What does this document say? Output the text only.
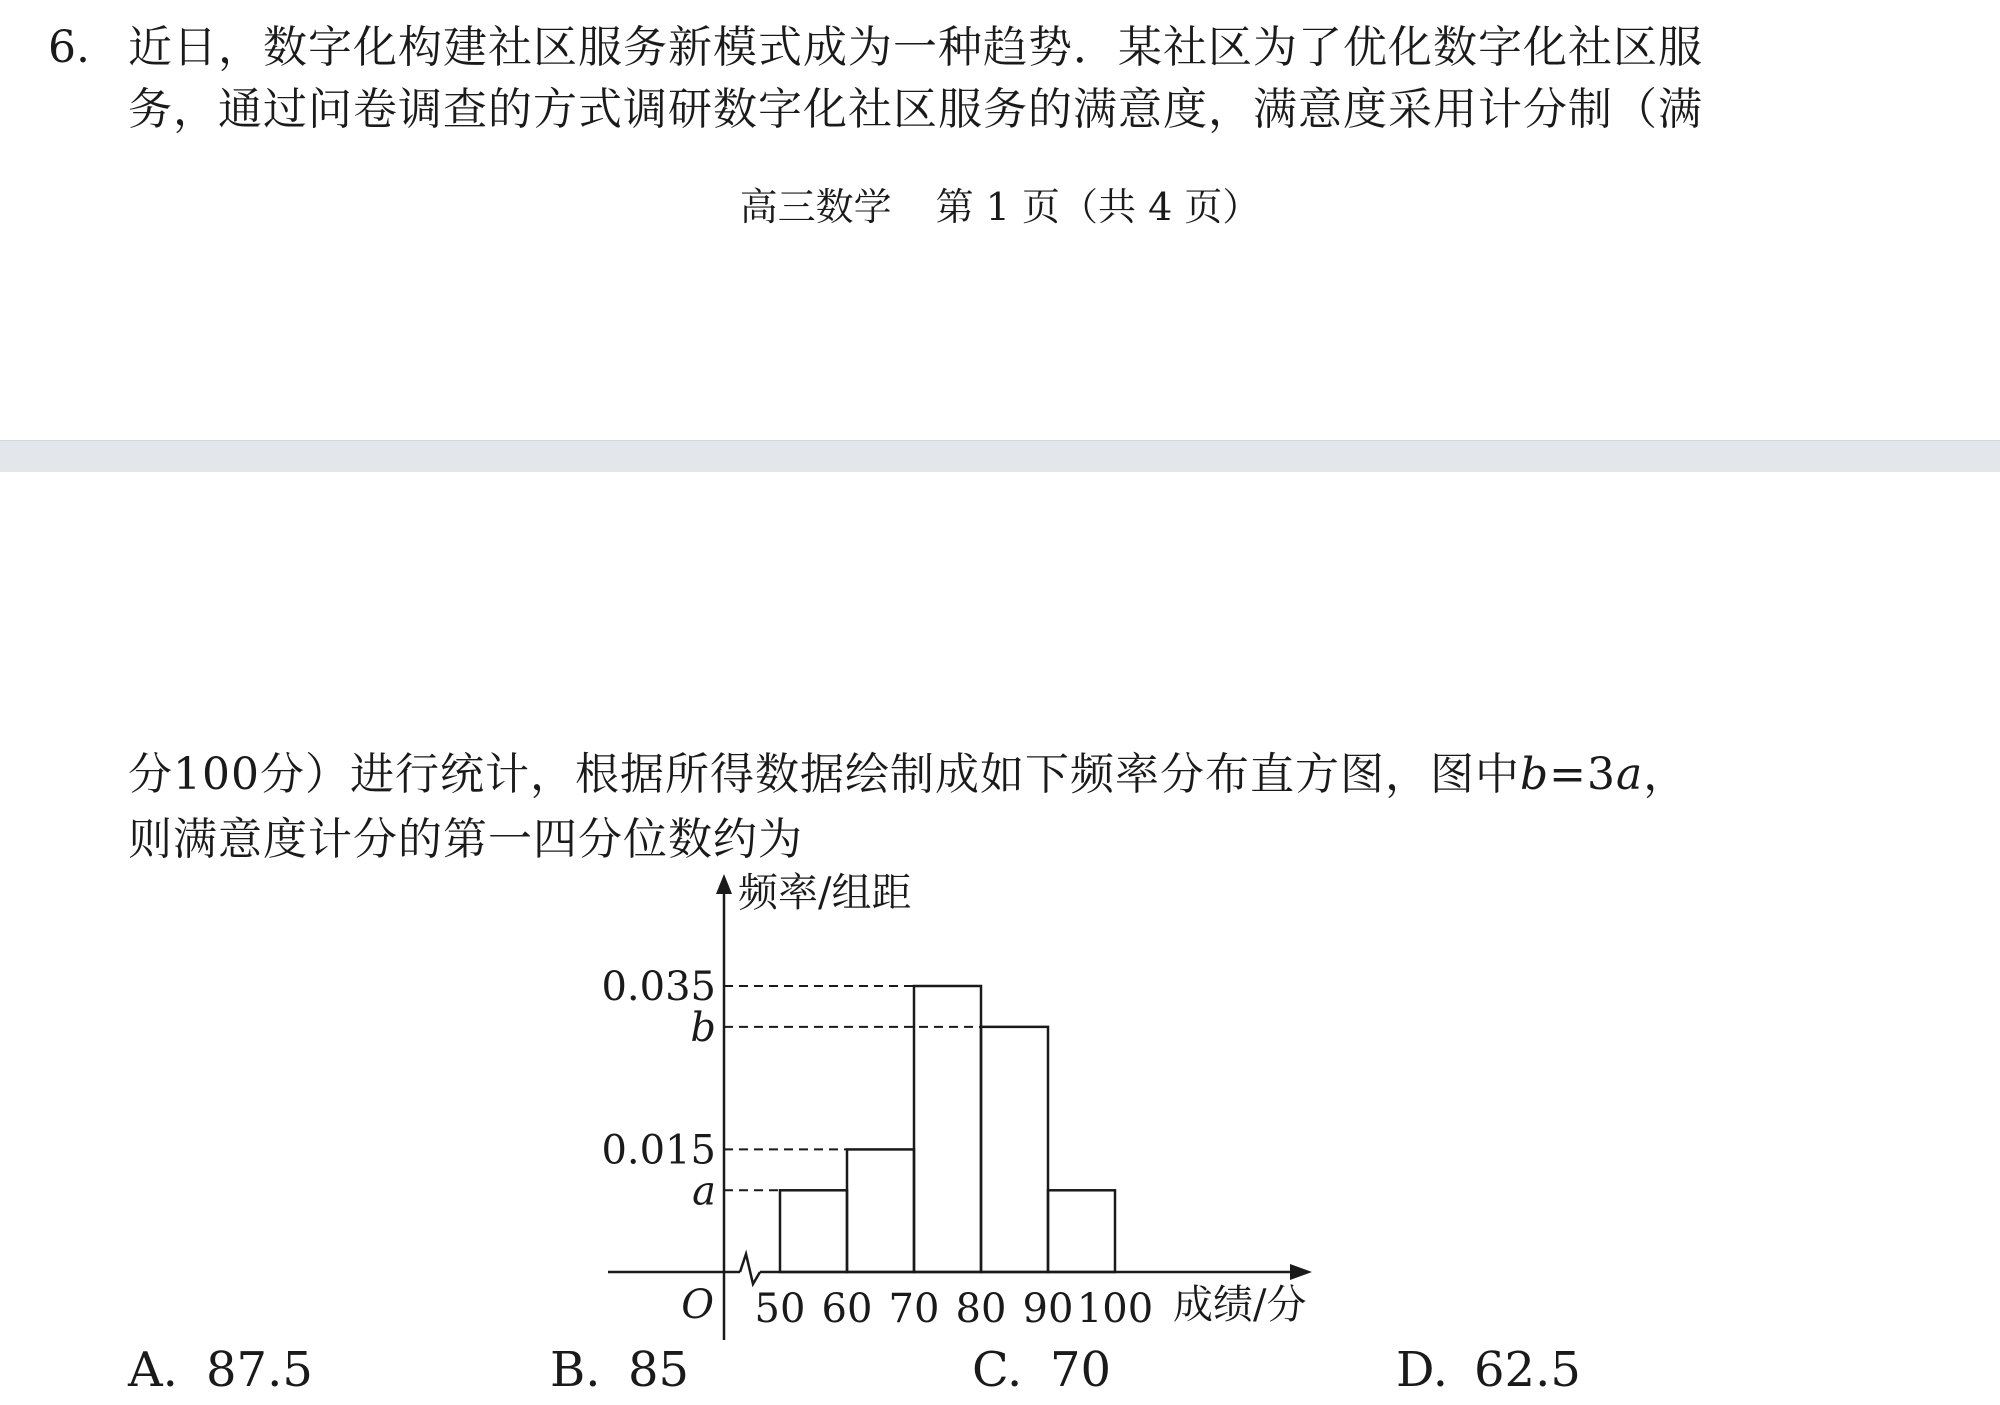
6. 近日，数字化构建社区服务新模式成为一种趋势．某社区为了优化数字化社区服
务，通过问卷调查的方式调研数字化社区服务的满意度，满意度采用计分制（满
高三数学 第 1 页（共 4 页）
分100分）进行统计，根据所得数据绘制成如下频率分布直方图，图中b=3a，
则满意度计分的第一四分位数约为
0.035
b
0.015
a
50 60 70 80 90 100
O
频率/组距
成绩/分
A. 87.5	B. 85	C. 70	D. 62.5
